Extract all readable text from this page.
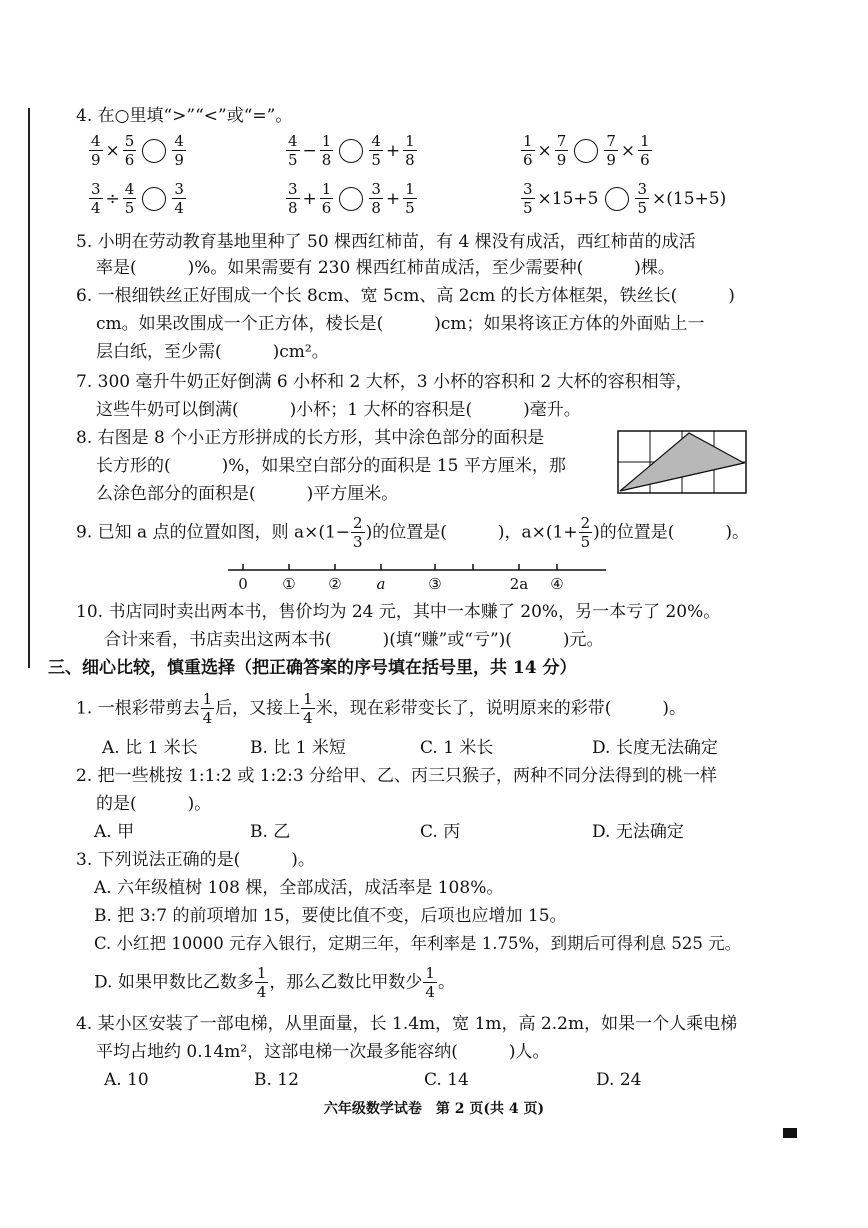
4. 在○里填“>”“<”或“=”。
$\frac{4}{9} \times \frac{5}{6} \frac{4}{9}$	$\frac{4}{5} - \frac{1}{8} \frac{4}{5} + \frac{1}{8}$	$\frac{1}{6} \times \frac{7}{9} \frac{7}{9} \times \frac{1}{6}$
$\frac{3}{4} \div \frac{4}{5} \frac{3}{4}$	$\frac{3}{8} + \frac{1}{6} \frac{3}{8} + \frac{1}{5}$	$\frac{3}{5} \times 15+5 \frac{3}{5} \times(15+5)$
5. 小明在劳动教育基地里种了 50 棵西红柿苗，有 4 棵没有成活，西红柿苗的成活
率是(　　　)%。如果需要有 230 棵西红柿苗成活，至少需要种(　　　)棵。
6. 一根细铁丝正好围成一个长 8cm、宽 5cm、高 2cm 的长方体框架，铁丝长(　　　)
cm。如果改围成一个正方体，棱长是(　　　)cm；如果将该正方体的外面贴上一
层白纸，至少需(　　　)cm²。
7. 300 毫升牛奶正好倒满 6 小杯和 2 大杯，3 小杯的容积和 2 大杯的容积相等，
这些牛奶可以倒满(　　　)小杯；1 大杯的容积是(　　　)毫升。
8. 右图是 8 个小正方形拼成的长方形，其中涂色部分的面积是
长方形的(　　　)%，如果空白部分的面积是 15 平方厘米，那
么涂色部分的面积是(　　　)平方厘米。
9. 已知 a 点的位置如图，则 $a\times(1- \frac{2}{3}$ )的位置是(　　　)，$a\times(1+ \frac{2}{5}$ )的位置是(　　　)。
0 ① ② a	③	2a ④
10. 书店同时卖出两本书，售价均为 24 元，其中一本赚了 20%，另一本亏了 20%。
合计来看，书店卖出这两本书(　　　)(填“赚”或“亏”)(　　　)元。
三、细心比较，慎重选择（把正确答案的序号填在括号里，共 14 分）
1. 一根彩带剪去 $\frac{1}{4}$ 后，又接上 $\frac{1}{4}$ 米，现在彩带变长了，说明原来的彩带(　　　)。
A. 比 1 米长	B. 比 1 米短	C. 1 米长	D. 长度无法确定
2. 把一些桃按 1:1:2 或 1:2:3 分给甲、乙、丙三只猴子，两种不同分法得到的桃一样
的是(　　　)。
A. 甲	B. 乙	C. 丙	D. 无法确定
3. 下列说法正确的是(　　　)。
A. 六年级植树 108 棵，全部成活，成活率是 108%。
B. 把 3:7 的前项增加 15，要使比值不变，后项也应增加 15。
C. 小红把 10000 元存入银行，定期三年，年利率是 1.75%，到期后可得利息 525 元。
D. 如果甲数比乙数多 $\frac{1}{4}$ ，那么乙数比甲数少 $\frac{1}{4}$ 。
4. 某小区安装了一部电梯，从里面量，长 1.4m，宽 1m，高 2.2m，如果一个人乘电梯
平均占地约 0.14m²，这部电梯一次最多能容纳(　　　)人。
A. 10	B. 12	C. 14	D. 24
六年级数学试卷　第 2 页(共 4 页)
